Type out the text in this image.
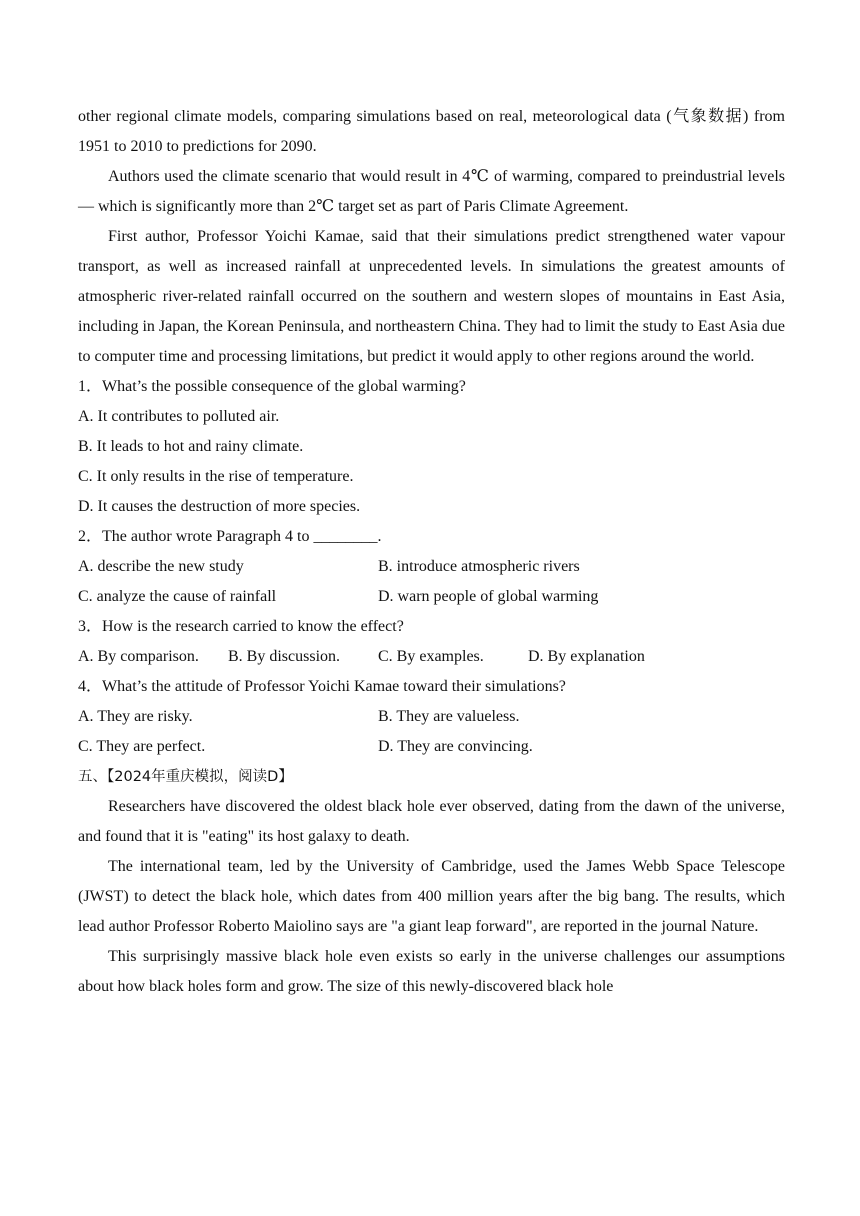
other regional climate models, comparing simulations based on real, meteorological data (气象数据) from 1951 to 2010 to predictions for 2090.

Authors used the climate scenario that would result in 4℃ of warming, compared to preindustrial levels — which is significantly more than 2℃ target set as part of Paris Climate Agreement.

First author, Professor Yoichi Kamae, said that their simulations predict strengthened water vapour transport, as well as increased rainfall at unprecedented levels. In simulations the greatest amounts of atmospheric river-related rainfall occurred on the southern and western slopes of mountains in East Asia, including in Japan, the Korean Peninsula, and northeastern China. They had to limit the study to East Asia due to computer time and processing limitations, but predict it would apply to other regions around the world.

1．What’s the possible consequence of the global warming?

A. It contributes to polluted air.

B. It leads to hot and rainy climate.

C. It only results in the rise of temperature.

D. It causes the destruction of more species.

2．The author wrote Paragraph 4 to ________.

A. describe the new study	B. introduce atmospheric rivers
C. analyze the cause of rainfall	D. warn people of global warming

3．How is the research carried to know the effect?

A. By comparison.	B. By discussion.	C. By examples.	D. By explanation

4．What’s the attitude of Professor Yoichi Kamae toward their simulations?

A. They are risky.	B. They are valueless.
C. They are perfect.	D. They are convincing.

五、【2024年重庆模拟，阅读D】

Researchers have discovered the oldest black hole ever observed, dating from the dawn of the universe, and found that it is "eating" its host galaxy to death.

The international team, led by the University of Cambridge, used the James Webb Space Telescope (JWST) to detect the black hole, which dates from 400 million years after the big bang. The results, which lead author Professor Roberto Maiolino says are "a giant leap forward", are reported in the journal Nature.

This surprisingly massive black hole even exists so early in the universe challenges our assumptions about how black holes form and grow. The size of this newly-discovered black hole
